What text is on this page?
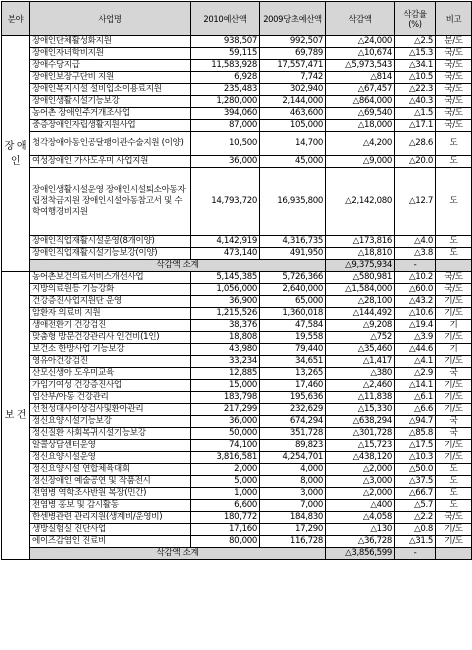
분야	사업명	2010예산액	2009당초예산액	삭감액	삭감율 (%)	비고
장 애 인	장애인단체활성화지원	938,507	992,507	△24,000	△2.5	분/도
	장애인자녀학비지원	59,115	69,789	△10,674	△15.3	국/도
	장애수당지급	11,583,928	17,557,471	△5,973,543	△34.1	국/도
	장애인보장구단비 지원	6,928	7,742	△814	△10.5	국/도
	장애인복지시설 설비입소이용료지원	235,483	302,940	△67,457	△22.3	국/도
	장애인생활시설기능보강	1,280,000	2,144,000	△864,000	△40.3	국/도
	농어촌 장애인주거개조사업	394,060	463,600	△69,540	△1.5	국/도
	중증장애인자립생활지원사업	87,000	105,000	△18,000	△17.1	국/도
	청각장애아동인공달팽이관수술지원 (이양)	10,500	14,700	△4,200	△28.6	도
	여성장애인 가사도우미 사업지원	36,000	45,000	△9,000	△20.0	도
	장애인생활시설운영 장애인시설퇴소아동자립정착금지원 장애인시설아동참고서 및 수학여행경비지원	14,793,720	16,935,800	△2,142,080	△12.7	도
	장애인직업재활시설운영(8개이양)	4,142,919	4,316,735	△173,816	△4.0	도
	장애인직업재활시설기능보강(이양)	473,140	491,950	△18,810	△3.8	도
	삭감액 소계			△9,375,934	-	
보 건	농어촌보건의료서비스개선사업	5,145,385	5,726,366	△580,981	△10.2	국/도
	지방의료원등 기능강화	1,056,000	2,640,000	△1,584,000	△60.0	국/도
	건강증진사업지원단 운영	36,900	65,000	△28,100	△43.2	기/도
	암환자 의료비 지원	1,215,526	1,360,018	△144,492	△10.6	기/도
	생애전환기 건강검진	38,376	47,584	△9,208	△19.4	기
	맞춤형 방문건강관리사 인건비(1인)	18,808	19,558	△752	△3.9	기/도
	보건소 한방사업 기능보강	43,980	79,440	△35,460	△44.6	기
	영유아건강검진	33,234	34,651	△1,417	△4.1	기/도
	산모신생아 도우미교육	12,885	13,265	△380	△2.9	국
	가임기여성 건강증진사업	15,000	17,460	△2,460	△14.1	기/도
	임산부/아동 건강관리	183,798	195,636	△11,838	△6.1	기/도
	선천성대사이상검사및환아관리	217,299	232,629	△15,330	△6.6	기/도
	정신요양시설기능보강	36,000	674,294	△638,294	△94.7	국
	정신질환 사회복귀시설기능보강	50,000	351,728	△301,728	△85.8	국
	알콜상담센터운영	74,100	89,823	△15,723	△17.5	기/도
	정신요양시설운영	3,816,581	4,254,701	△438,120	△10.3	기/도
	정신요양시설 연합체육대회	2,000	4,000	△2,000	△50.0	도
	정신장애인 예술공연 및 작품전시	5,000	8,000	△3,000	△37.5	도
	전염병 역학조사반원 복장(민간)	1,000	3,000	△2,000	△66.7	도
	전염병 홍보 및 감시활동	6,600	7,000	△400	△5.7	도
	한센병관련 관리지원(생계비/운영비)	180,772	184,830	△4,058	△2.2	국/도
	생방실험실 진단사업	17,160	17,290	△130	△0.8	기/도
	에이즈감염인 진료비	80,000	116,728	△36,728	△31.5	기/도
	삭감액 소계			△3,856,599	-	
